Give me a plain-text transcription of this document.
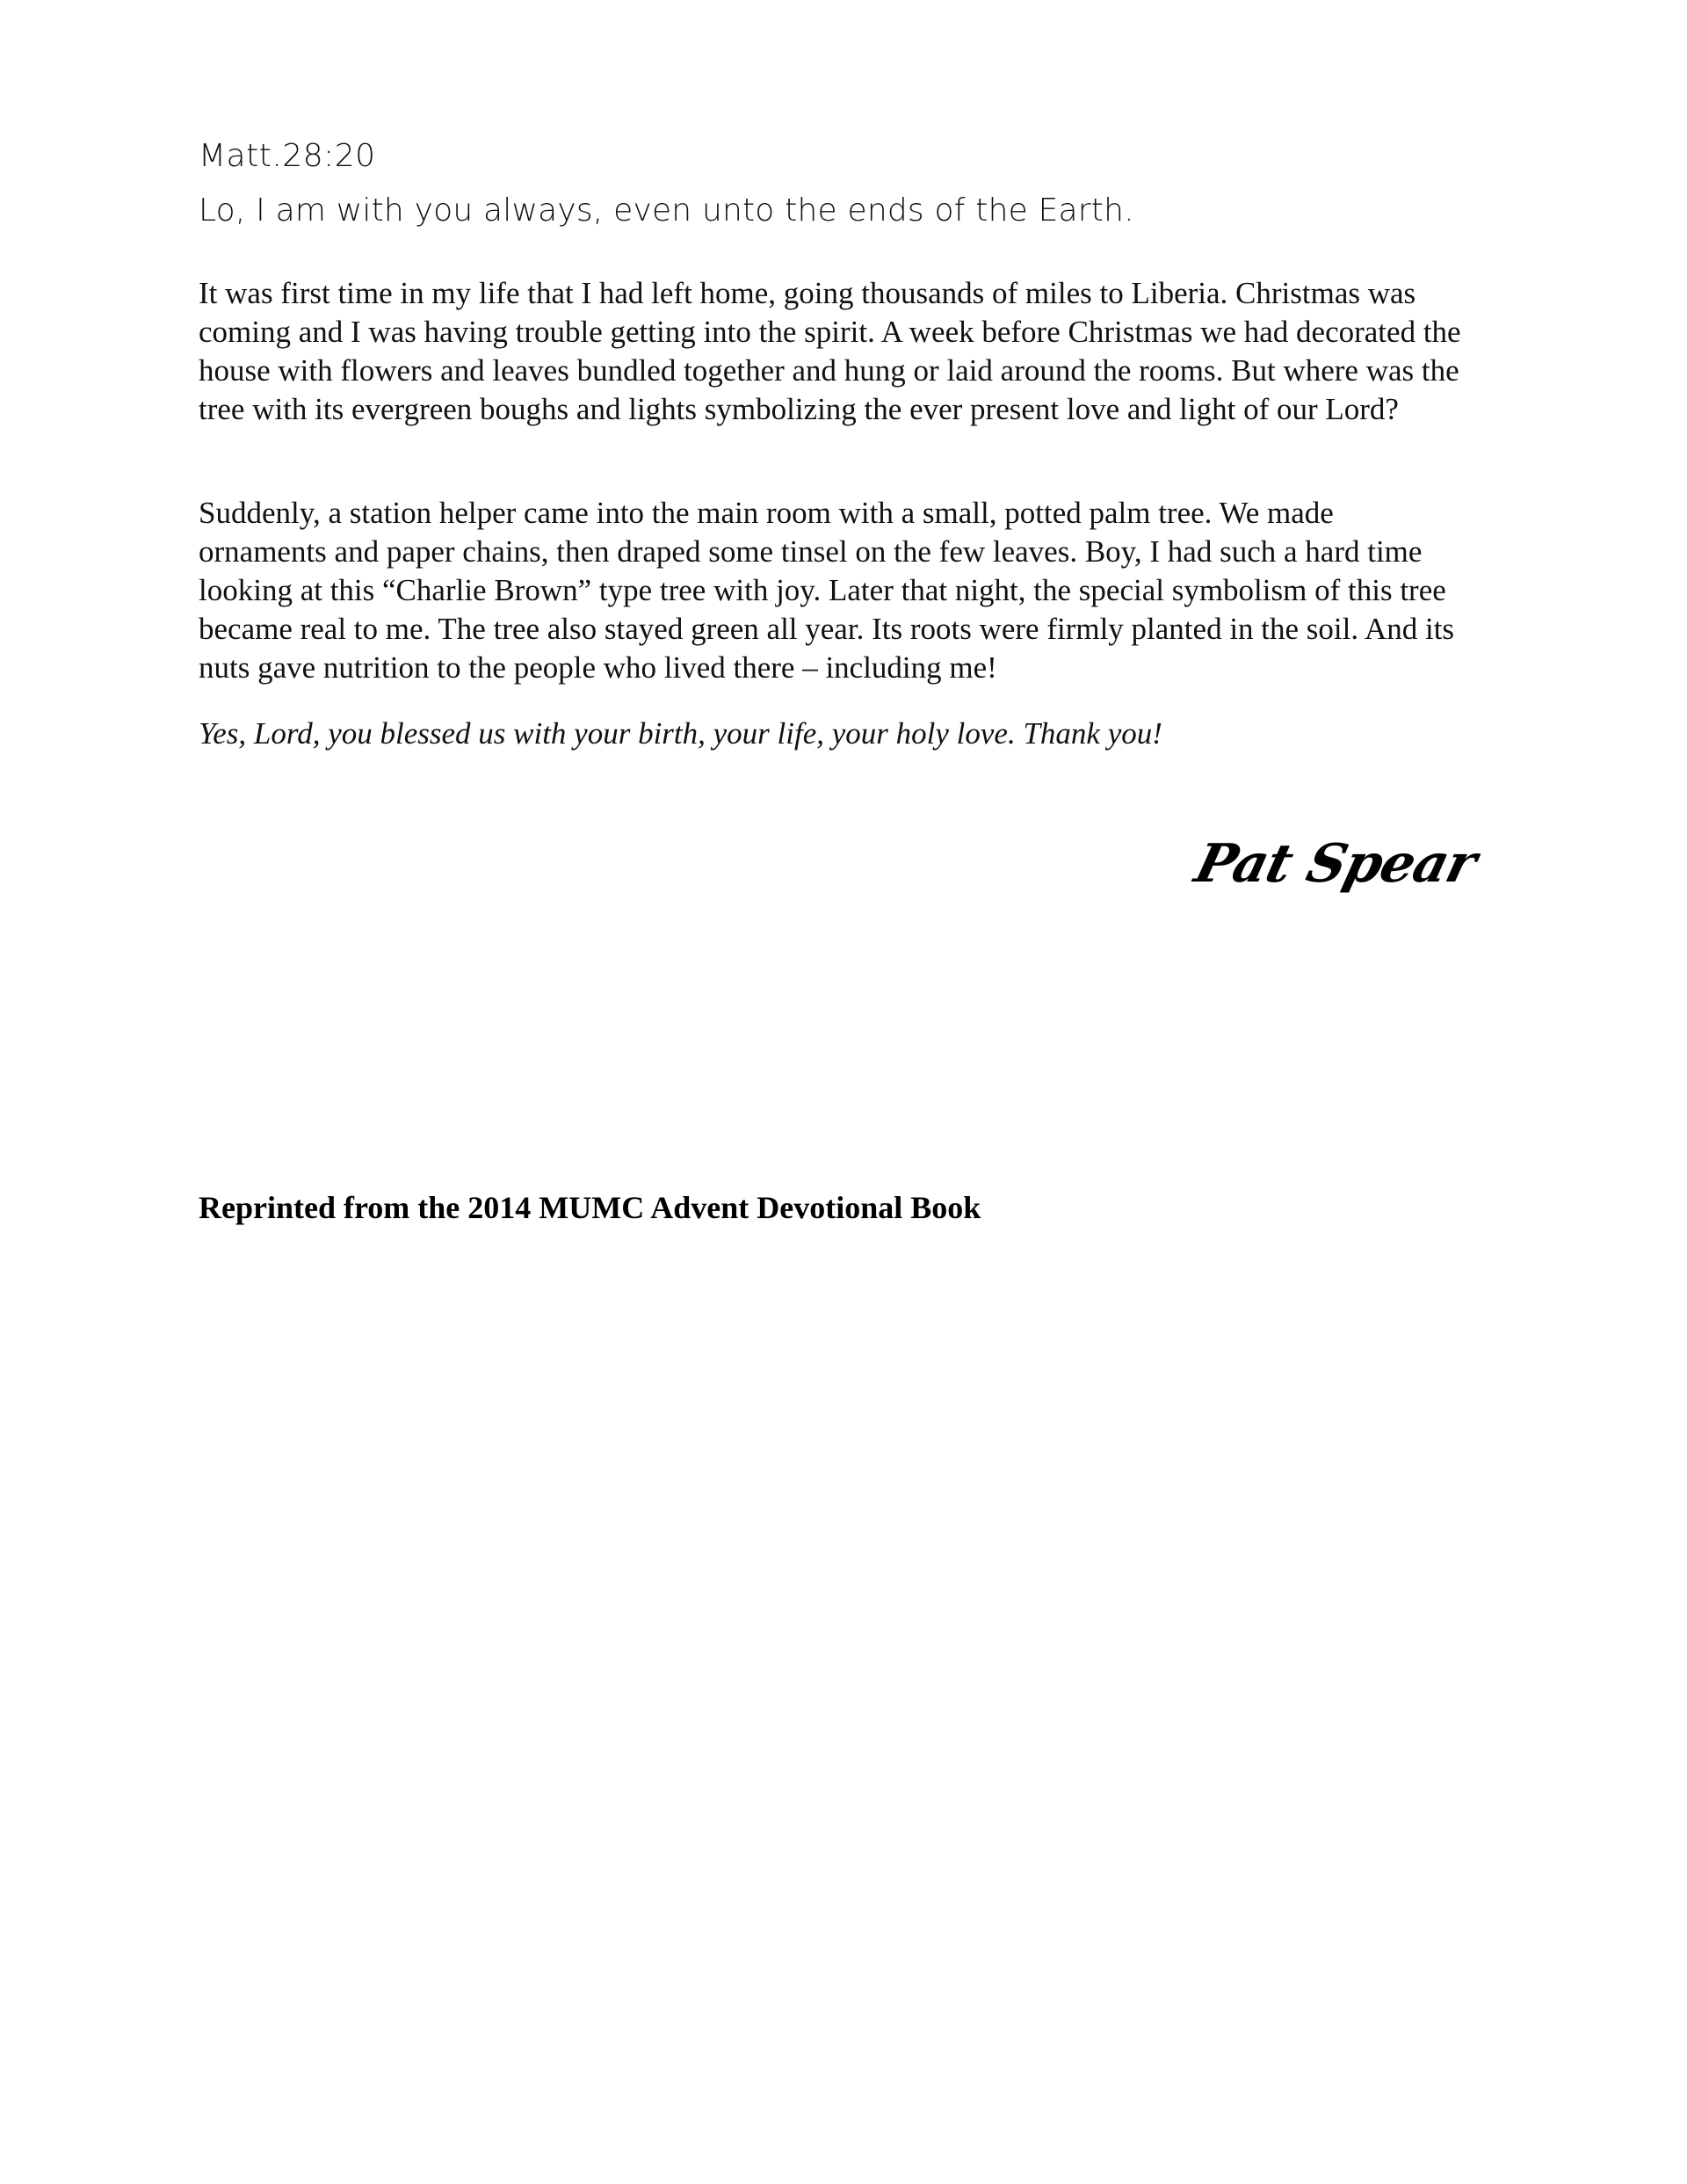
Matt.28:20
Lo, I am with you always, even unto the ends of the Earth.

It was first time in my life that I had left home, going thousands of miles to Liberia. Christmas was coming and I was having trouble getting into the spirit. A week before Christmas we had decorated the house with flowers and leaves bundled together and hung or laid around the rooms. But where was the tree with its evergreen boughs and lights symbolizing the ever present love and light of our Lord?

Suddenly, a station helper came into the main room with a small, potted palm tree. We made ornaments and paper chains, then draped some tinsel on the few leaves. Boy, I had such a hard time looking at this “Charlie Brown” type tree with joy. Later that night, the special symbolism of this tree became real to me. The tree also stayed green all year. Its roots were firmly planted in the soil. And its nuts gave nutrition to the people who lived there – including me!

Yes, Lord, you blessed us with your birth, your life, your holy love. Thank you!
Pat Spear
Reprinted from the 2014 MUMC Advent Devotional Book
